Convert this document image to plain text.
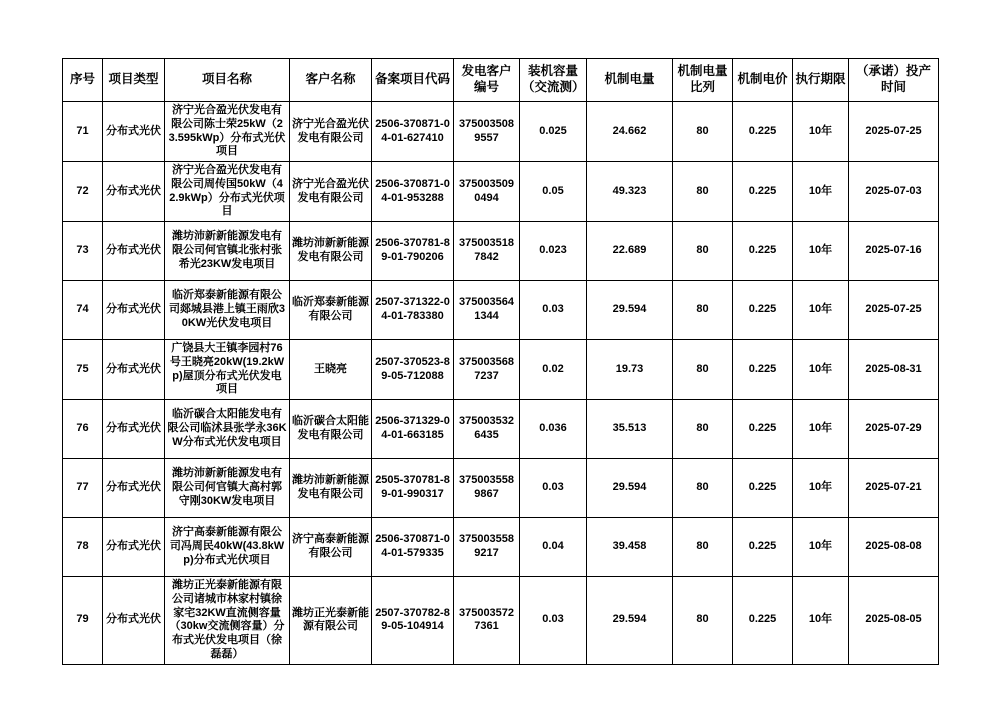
序号	项目类型	项目名称	客户名称	备案项目代码	发电客户编号	装机容量（交流测）	机制电量	机制电量比列	机制电价	执行期限	（承诺）投产时间
71	分布式光伏	济宁光合盈光伏发电有限公司陈士荣25kW（23.595kWp）分布式光伏项目	济宁光合盈光伏发电有限公司	2506-370871-04-01-627410	3750035089557	0.025	24.662	80	0.225	10年	2025-07-25
72	分布式光伏	济宁光合盈光伏发电有限公司周传国50kW（42.9kWp）分布式光伏项目	济宁光合盈光伏发电有限公司	2506-370871-04-01-953288	3750035090494	0.05	49.323	80	0.225	10年	2025-07-03
73	分布式光伏	潍坊沛新新能源发电有限公司何官镇北张村张希光23KW发电项目	潍坊沛新新能源发电有限公司	2506-370781-89-01-790206	3750035187842	0.023	22.689	80	0.225	10年	2025-07-16
74	分布式光伏	临沂郑泰新能源有限公司郯城县港上镇王雨欣30KW光伏发电项目	临沂郑泰新能源有限公司	2507-371322-04-01-783380	3750035641344	0.03	29.594	80	0.225	10年	2025-07-25
75	分布式光伏	广饶县大王镇李园村76号王晓亮20kW(19.2kWp)屋顶分布式光伏发电项目	王晓亮	2507-370523-89-05-712088	3750035687237	0.02	19.73	80	0.225	10年	2025-08-31
76	分布式光伏	临沂碳合太阳能发电有限公司临沭县张学永36KW分布式光伏发电项目	临沂碳合太阳能发电有限公司	2506-371329-04-01-663185	3750035326435	0.036	35.513	80	0.225	10年	2025-07-29
77	分布式光伏	潍坊沛新新能源发电有限公司何官镇大高村郭守刚30KW发电项目	潍坊沛新新能源发电有限公司	2505-370781-89-01-990317	3750035589867	0.03	29.594	80	0.225	10年	2025-07-21
78	分布式光伏	济宁高泰新能源有限公司冯周民40kW(43.8kWp)分布式光伏项目	济宁高泰新能源有限公司	2506-370871-04-01-579335	3750035589217	0.04	39.458	80	0.225	10年	2025-08-08
79	分布式光伏	潍坊正光泰新能源有限公司诸城市林家村镇徐家宅32KW直流侧容量（30kw交流侧容量）分布式光伏发电项目（徐磊磊）	潍坊正光泰新能源有限公司	2507-370782-89-05-104914	3750035727361	0.03	29.594	80	0.225	10年	2025-08-05
